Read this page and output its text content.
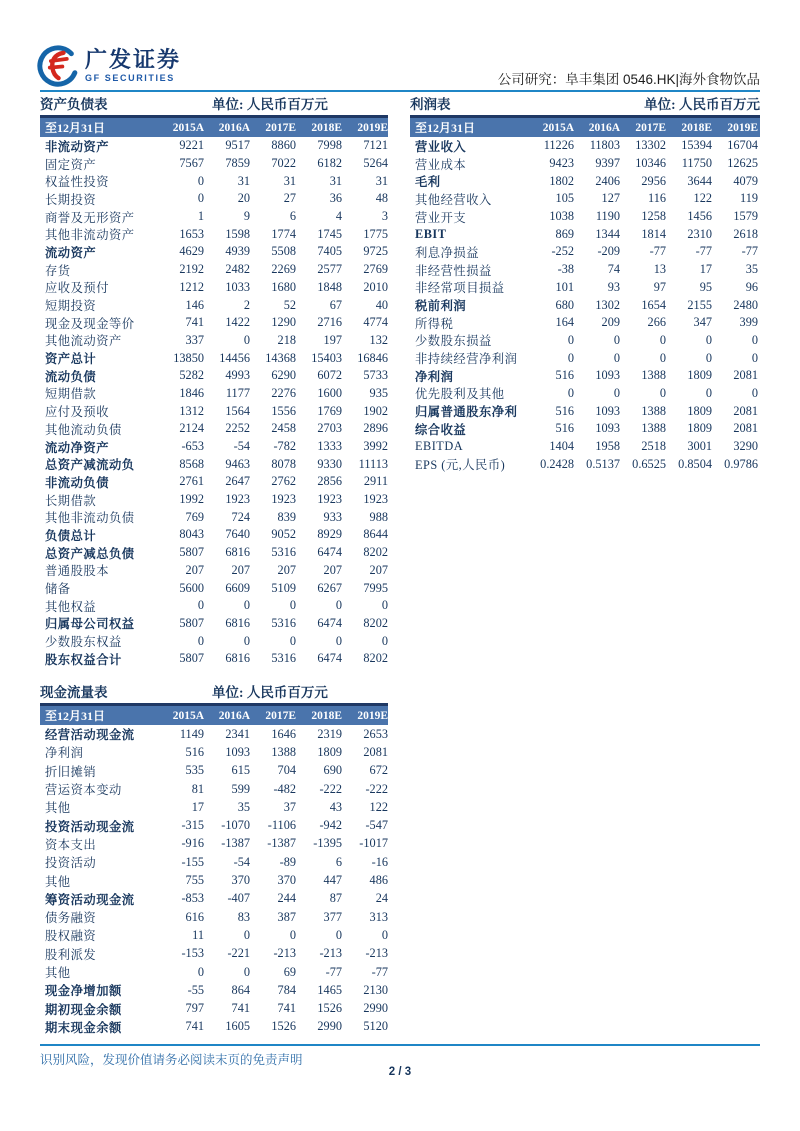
广发证券
GF SECURITIES	公司研究：阜丰集团 0546.HK|海外食物饮品
资产负债表	单位: 人民币百万元
至12月31日	2015A	2016A	2017E	2018E	2019E
非流动资产	9221	9517	8860	7998	7121
固定资产	7567	7859	7022	6182	5264
权益性投资	0	31	31	31	31
长期投资	0	20	27	36	48
商誉及无形资产	1	9	6	4	3
其他非流动资产	1653	1598	1774	1745	1775
流动资产	4629	4939	5508	7405	9725
存货	2192	2482	2269	2577	2769
应收及预付	1212	1033	1680	1848	2010
短期投资	146	2	52	67	40
现金及现金等价	741	1422	1290	2716	4774
其他流动资产	337	0	218	197	132
资产总计	13850	14456	14368	15403	16846
流动负债	5282	4993	6290	6072	5733
短期借款	1846	1177	2276	1600	935
应付及预收	1312	1564	1556	1769	1902
其他流动负债	2124	2252	2458	2703	2896
流动净资产	-653	-54	-782	1333	3992
总资产减流动负	8568	9463	8078	9330	11113
非流动负债	2761	2647	2762	2856	2911
长期借款	1992	1923	1923	1923	1923
其他非流动负债	769	724	839	933	988
负债总计	8043	7640	9052	8929	8644
总资产减总负债	5807	6816	5316	6474	8202
普通股股本	207	207	207	207	207
储备	5600	6609	5109	6267	7995
其他权益	0	0	0	0	0
归属母公司权益	5807	6816	5316	6474	8202
少数股东权益	0	0	0	0	0
股东权益合计	5807	6816	5316	6474	8202
利润表	单位: 人民币百万元
至12月31日	2015A	2016A	2017E	2018E	2019E
营业收入	11226	11803	13302	15394	16704
营业成本	9423	9397	10346	11750	12625
毛利	1802	2406	2956	3644	4079
其他经营收入	105	127	116	122	119
营业开支	1038	1190	1258	1456	1579
EBIT	869	1344	1814	2310	2618
利息净损益	-252	-209	-77	-77	-77
非经营性损益	-38	74	13	17	35
非经常项目损益	101	93	97	95	96
税前利润	680	1302	1654	2155	2480
所得税	164	209	266	347	399
少数股东损益	0	0	0	0	0
非持续经营净利润	0	0	0	0	0
净利润	516	1093	1388	1809	2081
优先股利及其他	0	0	0	0	0
归属普通股东净利	516	1093	1388	1809	2081
综合收益	516	1093	1388	1809	2081
EBITDA	1404	1958	2518	3001	3290
EPS (元,人民币)	0.2428 0.5137 0.6525 0.8504 0.9786
现金流量表	单位: 人民币百万元
至12月31日	2015A	2016A	2017E	2018E	2019E
经营活动现金流	1149	2341	1646	2319	2653
净利润	516	1093	1388	1809	2081
折旧摊销	535	615	704	690	672
营运资本变动	81	599	-482	-222	-222
其他	17	35	37	43	122
投资活动现金流	-315	-1070	-1106	-942	-547
资本支出	-916	-1387	-1387	-1395	-1017
投资活动	-155	-54	-89	6	-16
其他	755	370	370	447	486
筹资活动现金流	-853	-407	244	87	24
债务融资	616	83	387	377	313
股权融资	11	0	0	0	0
股利派发	-153	-221	-213	-213	-213
其他	0	0	69	-77	-77
现金净增加额	-55	864	784	1465	2130
期初现金余额	797	741	741	1526	2990
期末现金余额	741	1605	1526	2990	5120
识别风险，发现价值请务必阅读末页的免责声明
2 / 3
